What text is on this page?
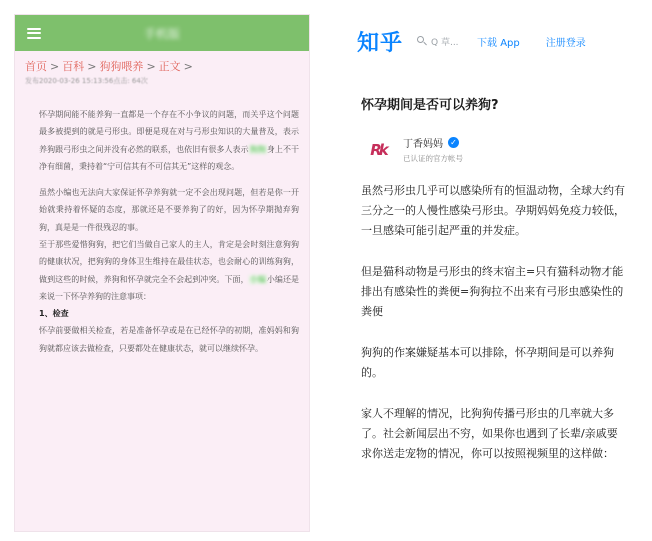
手机版
首页 > 百科 > 狗狗喂养 > 正文 >
发布2020-03-26 15:13:56点击: 64次

怀孕期间能不能养狗一直都是一个存在不小争议的问题，而关乎这个问题最多被提到的就是弓形虫。即便是现在对与弓形虫知识的大量普及，表示养狗跟弓形虫之间并没有必然的联系，也依旧有很多人表示狗狗身上不干净有细菌，秉持着“宁可信其有不可信其无”这样的观念。

虽然小编也无法向大家保证怀孕养狗就一定不会出现问题，但若是你一开始就秉持着怀疑的态度，那就还是不要养狗了的好，因为怀孕期抛弃狗狗，真是是一件很残忍的事。

至于那些爱惜狗狗，把它们当做自己家人的主人，肯定是会时刻注意狗狗的健康状况，把狗狗的身体卫生维持在最佳状态，也会耐心的训练狗狗，做到这些的时候，养狗和怀孕就完全不会起到冲突。下面，小编小编还是来说一下怀孕养狗的注意事项：

1、检查

怀孕前要做相关检查，若是准备怀孕或是在已经怀孕的初期，准妈妈和狗狗就都应该去做检查，只要都处在健康状态，就可以继续怀孕。

知乎	Q 草... 下载 App	注册登录
怀孕期间是否可以养狗?
Rk	丁香妈妈 ✓
已认证的官方帐号

虽然弓形虫几乎可以感染所有的恒温动物，全球大约有三分之一的人慢性感染弓形虫。孕期妈妈免疫力较低，一旦感染可能引起严重的并发症。

但是猫科动物是弓形虫的终末宿主=只有猫科动物才能排出有感染性的粪便=狗狗拉不出来有弓形虫感染性的粪便

狗狗的作案嫌疑基本可以排除，怀孕期间是可以养狗的。

家人不理解的情况，比狗狗传播弓形虫的几率就大多了。社会新闻层出不穷，如果你也遇到了长辈/亲戚要求你送走宠物的情况，你可以按照视频里的这样做：
